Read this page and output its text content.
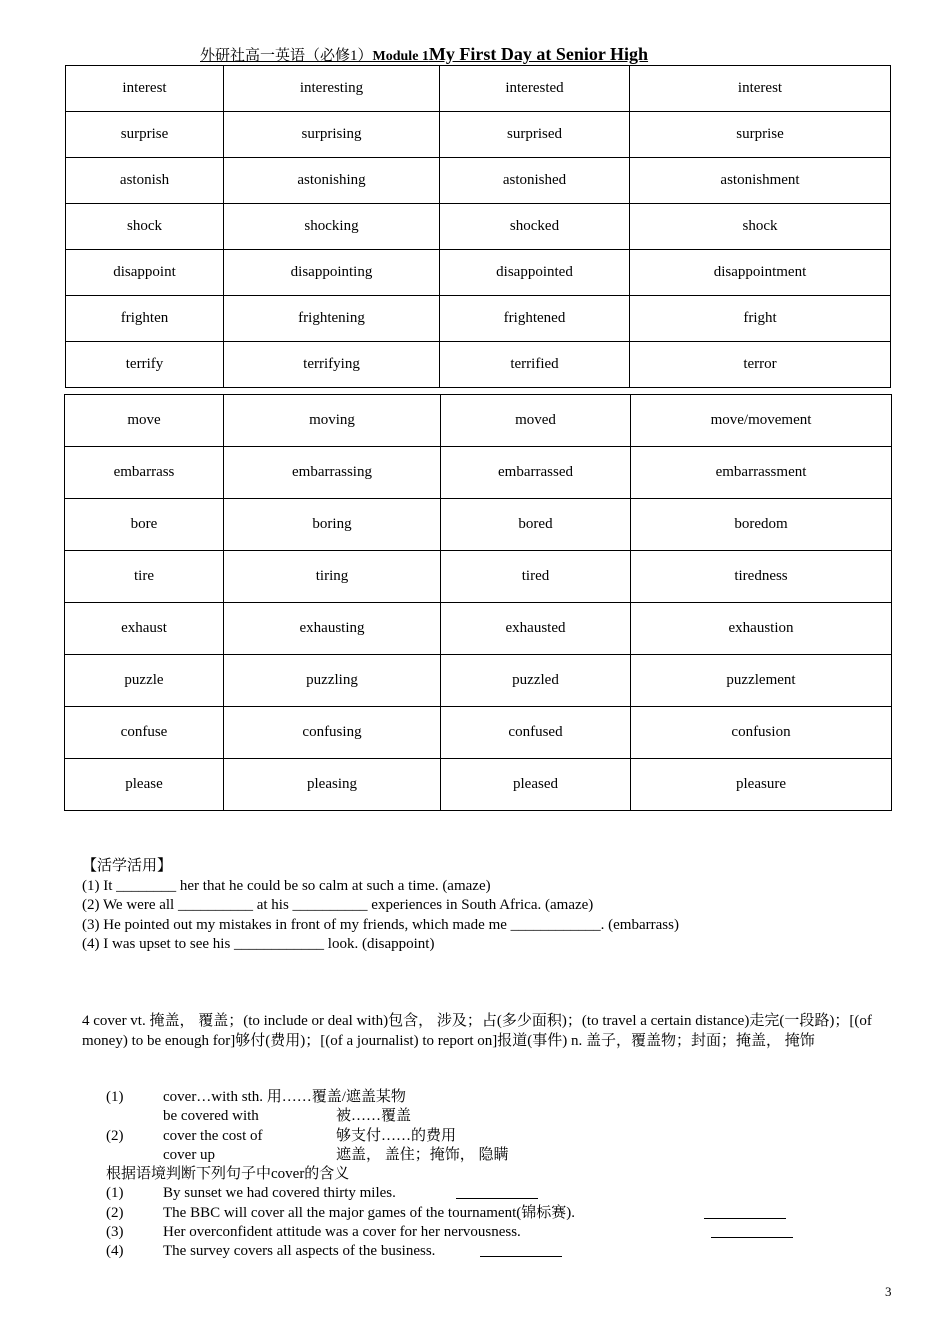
外研社高一英语（必修1）Module 1My First Day at Senior High
interest	interesting	interested	interest
surprise	surprising	surprised	surprise
astonish	astonishing	astonished	astonishment
shock	shocking	shocked	shock
disappoint	disappointing	disappointed	disappointment
frighten	frightening	frightened	fright
terrify	terrifying	terrified	terror
move	moving	moved	move/movement
embarrass	embarrassing	embarrassed	embarrassment
bore	boring	bored	boredom
tire	tiring	tired	tiredness
exhaust	exhausting	exhausted	exhaustion
puzzle	puzzling	puzzled	puzzlement
confuse	confusing	confused	confusion
please	pleasing	pleased	pleasure

【活学活用】

(1) It ________ her that he could be so calm at such a time. (amaze)

(2) We were all __________ at his __________ experiences in South Africa. (amaze)

(3) He pointed out my mistakes in front of my friends, which made me ____________. (embarrass)

(4) I was upset to see his ____________ look. (disappoint)

4 cover vt. 掩盖， 覆盖；(to include or deal with)包含， 涉及；占(多少面积)；(to travel a certain distance)走完(一段路)；[(of money) to be enough for]够付(费用)；[(of a journalist) to report on]报道(事件) n. 盖子，覆盖物；封面；掩盖， 掩饰

(1)	cover…with sth. 用……覆盖/遮盖某物
be covered with	被……覆盖
(2)	cover the cost of	够支付……的费用
cover up	遮盖， 盖住；掩饰， 隐瞒
根据语境判断下列句子中cover的含义
(1)	By sunset we had covered thirty miles.
(2)	The BBC will cover all the major games of the tournament(锦标赛).
(3)	Her overconfident attitude was a cover for her nervousness.
(4)	The survey covers all aspects of the business.
3
